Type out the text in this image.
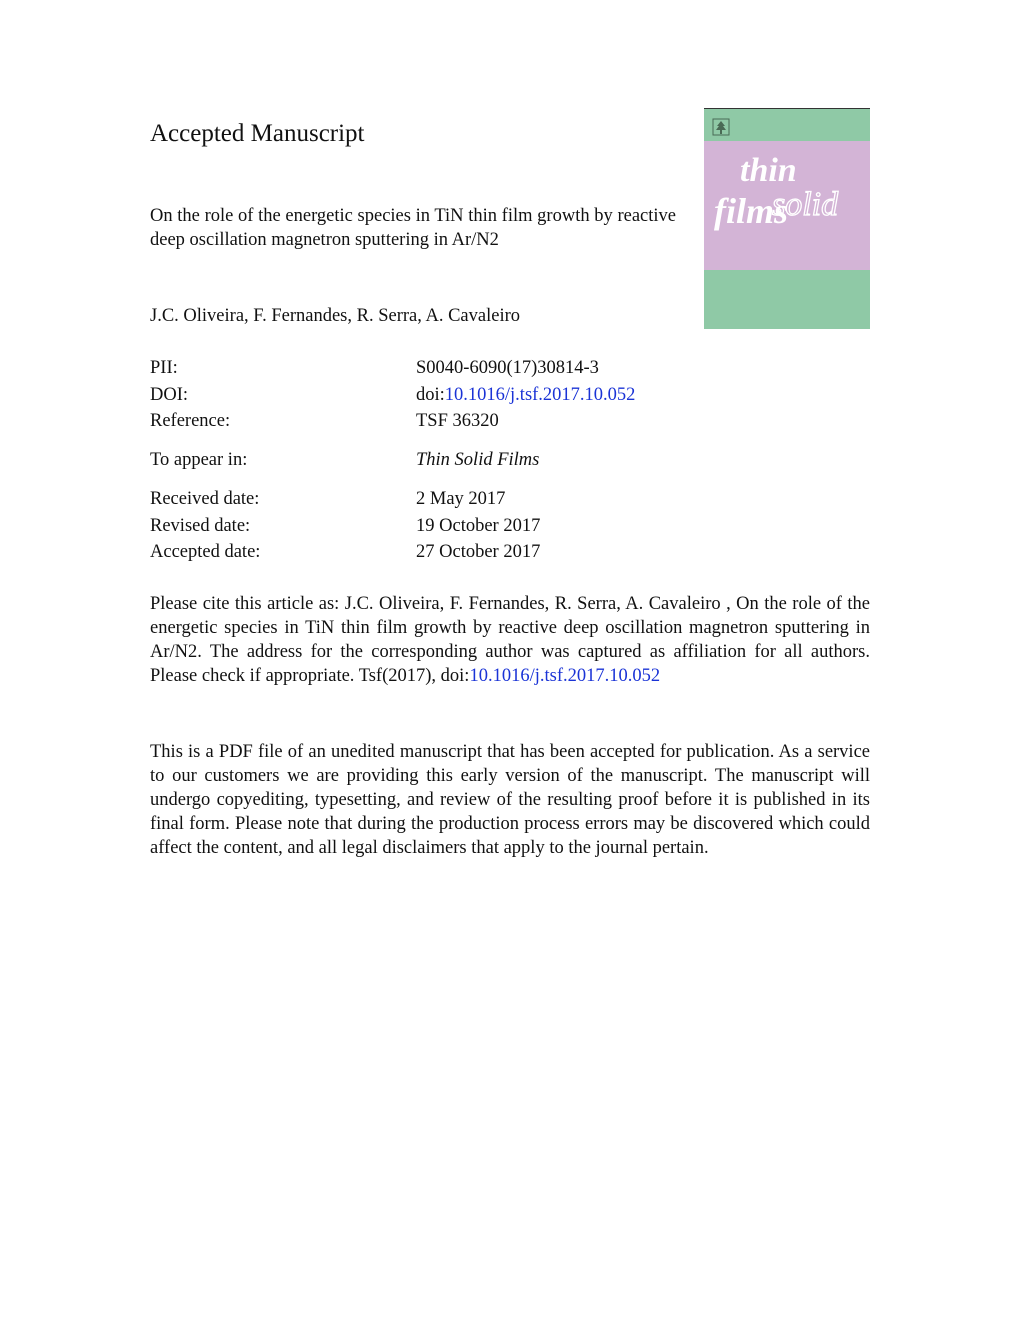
Accepted Manuscript

On the role of the energetic species in TiN thin film growth by reactive deep oscillation magnetron sputtering in Ar/N2

J.C. Oliveira, F. Fernandes, R. Serra, A. Cavaleiro

thin
solid
films
PII:	S0040-6090(17)30814-3
DOI:	doi:10.1016/j.tsf.2017.10.052
Reference:	TSF 36320
To appear in:	Thin Solid Films
Received date:	2 May 2017
Revised date:	19 October 2017
Accepted date:	27 October 2017

Please cite this article as: J.C. Oliveira, F. Fernandes, R. Serra, A. Cavaleiro , On the role of the energetic species in TiN thin film growth by reactive deep oscillation magnetron sputtering in Ar/N2. The address for the corresponding author was captured as affiliation for all authors. Please check if appropriate. Tsf(2017), doi:10.1016/j.tsf.2017.10.052

This is a PDF file of an unedited manuscript that has been accepted for publication. As a service to our customers we are providing this early version of the manuscript. The manuscript will undergo copyediting, typesetting, and review of the resulting proof before it is published in its final form. Please note that during the production process errors may be discovered which could affect the content, and all legal disclaimers that apply to the journal pertain.
